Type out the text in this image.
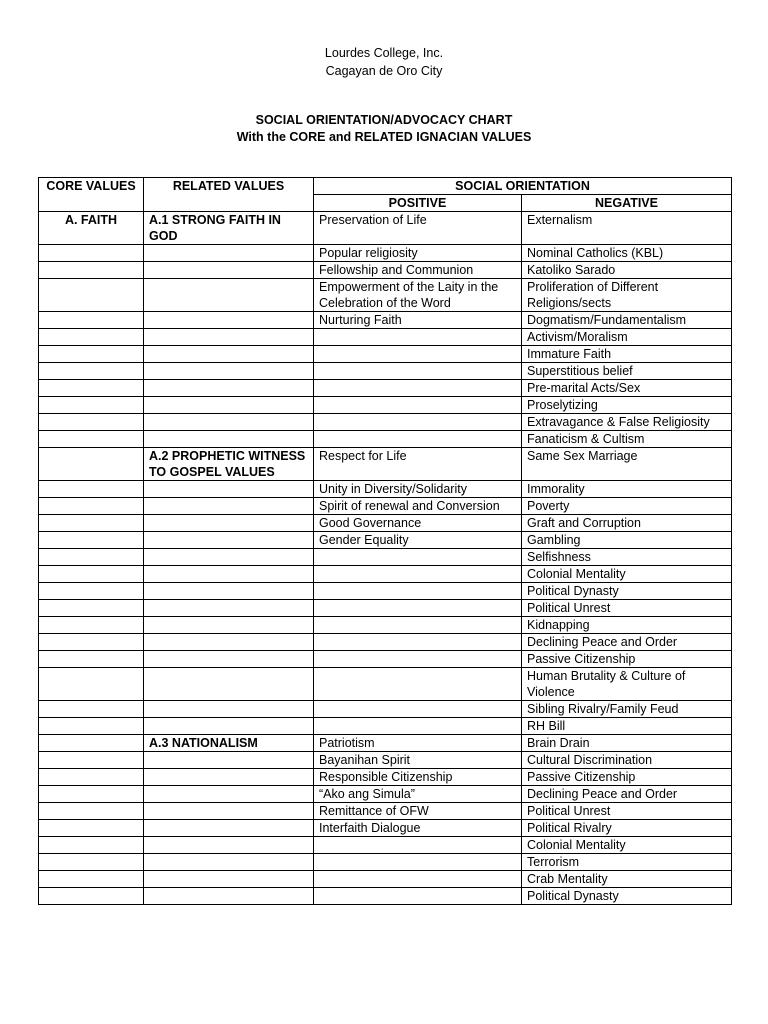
Lourdes College, Inc.
Cagayan de Oro City
SOCIAL ORIENTATION/ADVOCACY CHART
With the CORE and RELATED IGNACIAN VALUES
CORE VALUES	RELATED VALUES	SOCIAL ORIENTATION	
		POSITIVE	NEGATIVE
A. FAITH	A.1 STRONG FAITH IN GOD	Preservation of Life	Externalism
		Popular religiosity	Nominal Catholics (KBL)
		Fellowship and Communion	Katoliko Sarado
		Empowerment of the Laity in the Celebration of the Word	Proliferation of Different Religions/sects
		Nurturing Faith	Dogmatism/Fundamentalism
			Activism/Moralism
			Immature Faith
			Superstitious belief
			Pre-marital Acts/Sex
			Proselytizing
			Extravagance & False Religiosity
			Fanaticism & Cultism
	A.2 PROPHETIC WITNESS TO GOSPEL VALUES	Respect for Life	Same Sex Marriage
		Unity in Diversity/Solidarity	Immorality
		Spirit of renewal and Conversion	Poverty
		Good Governance	Graft and Corruption
		Gender Equality	Gambling
			Selfishness
			Colonial Mentality
			Political Dynasty
			Political Unrest
			Kidnapping
			Declining Peace and Order
			Passive Citizenship
			Human Brutality & Culture of Violence
			Sibling Rivalry/Family Feud
			RH Bill
	A.3 NATIONALISM	Patriotism	Brain Drain
		Bayanihan Spirit	Cultural Discrimination
		Responsible Citizenship	Passive Citizenship
		“Ako ang Simula”	Declining Peace and Order
		Remittance of OFW	Political Unrest
		Interfaith Dialogue	Political Rivalry
			Colonial Mentality
			Terrorism
			Crab Mentality
			Political Dynasty
